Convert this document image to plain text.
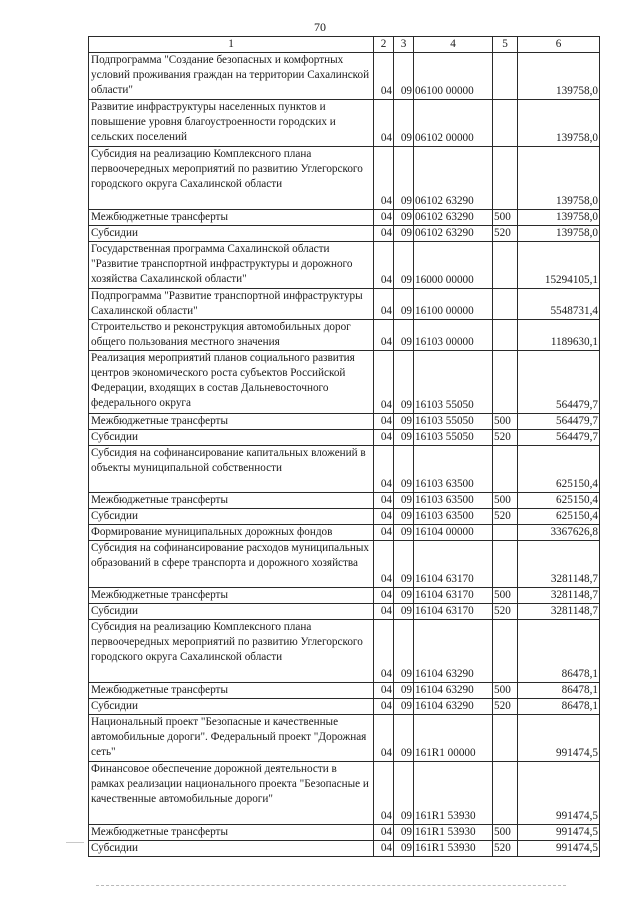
70
1	2	3	4	5	6
Подпрограмма "Создание безопасных и комфортных условий проживания граждан на территории Сахалинской области"	04	09	06100 00000		139758,0
Развитие инфраструктуры населенных пунктов и повышение уровня благоустроенности городских и сельских поселений	04	09	06102 00000		139758,0
Субсидия на реализацию Комплексного плана первоочередных мероприятий по развитию Углегорского городского округа Сахалинской области	04	09	06102 63290		139758,0
Межбюджетные трансферты	04	09	06102 63290	500	139758,0
Субсидии	04	09	06102 63290	520	139758,0
Государственная программа Сахалинской области "Развитие транспортной инфраструктуры и дорожного хозяйства Сахалинской области"	04	09	16000 00000		15294105,1
Подпрограмма "Развитие транспортной инфраструктуры Сахалинской области"	04	09	16100 00000		5548731,4
Строительство и реконструкция автомобильных дорог общего пользования местного значения	04	09	16103 00000		1189630,1
Реализация мероприятий планов социального развития центров экономического роста субъектов Российской Федерации, входящих в состав Дальневосточного федерального округа	04	09	16103 55050		564479,7
Межбюджетные трансферты	04	09	16103 55050	500	564479,7
Субсидии	04	09	16103 55050	520	564479,7
Субсидия на софинансирование капитальных вложений в объекты муниципальной собственности	04	09	16103 63500		625150,4
Межбюджетные трансферты	04	09	16103 63500	500	625150,4
Субсидии	04	09	16103 63500	520	625150,4
Формирование муниципальных дорожных фондов	04	09	16104 00000		3367626,8
Субсидия на софинансирование расходов муниципальных образований в сфере транспорта и дорожного хозяйства	04	09	16104 63170		3281148,7
Межбюджетные трансферты	04	09	16104 63170	500	3281148,7
Субсидии	04	09	16104 63170	520	3281148,7
Субсидия на реализацию Комплексного плана первоочередных мероприятий по развитию Углегорского городского округа Сахалинской области	04	09	16104 63290		86478,1
Межбюджетные трансферты	04	09	16104 63290	500	86478,1
Субсидии	04	09	16104 63290	520	86478,1
Национальный проект "Безопасные и качественные автомобильные дороги". Федеральный проект "Дорожная сеть"	04	09	161R1 00000		991474,5
Финансовое обеспечение дорожной деятельности в рамках реализации национального проекта "Безопасные и качественные автомобильные дороги"	04	09	161R1 53930		991474,5
Межбюджетные трансферты	04	09	161R1 53930	500	991474,5
Субсидии	04	09	161R1 53930	520	991474,5
